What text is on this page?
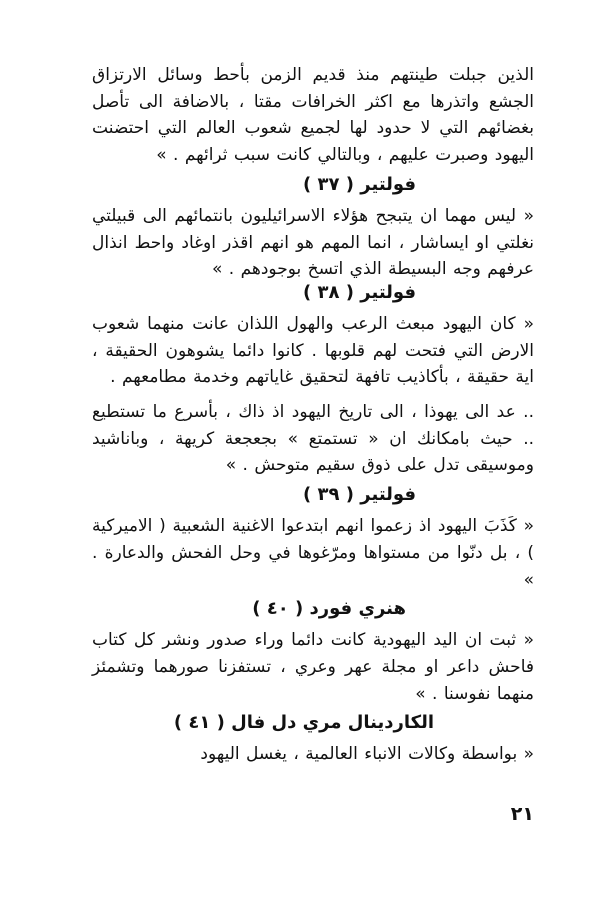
الذين جبلت طينتهم منذ قديم الزمن بأحط وسائل الارتزاق الجشع واتذرها مع اكثر الخرافات مقتا ، بالاضافة الى تأصل بغضائهم التي لا حدود لها لجميع شعوب العالم التي احتضنت اليهود وصبرت عليهم ، وبالتالي كانت سبب ثرائهم . »

فولتير ( ٣٧ )

« ليس مهما ان يتبجح هؤلاء الاسرائيليون بانتمائهم الى قبيلتي نغلتي او ايساشار ، انما المهم هو انهم اقذر اوغاد واحط انذال عرفهم وجه البسيطة الذي اتسخ بوجودهم . »

فولتير ( ٣٨ )

« كان اليهود مبعث الرعب والهول اللذان عانت منهما شعوب الارض التي فتحت لهم قلوبها . كانوا دائما يشوهون الحقيقة ، اية حقيقة ، بأكاذيب تافهة لتحقيق غاياتهم وخدمة مطامعهم .

.. عد الى يهوذا ، الى تاريخ اليهود اذ ذاك ، بأسرع ما تستطيع .. حيث بامكانك ان « تستمتع » بجعجعة كريهة ، وباناشيد وموسيقى تدل على ذوق سقيم متوحش . »

فولتير ( ٣٩ )

« كَذَبَ اليهود اذ زعموا انهم ابتدعوا الاغنية الشعبية ( الاميركية ) ، بل دنّوا من مستواها ومرّغوها في وحل الفحش والدعارة . »

هنري فورد ( ٤٠ )

« ثبت ان اليد اليهودية كانت دائما وراء صدور ونشر كل كتاب فاحش داعر او مجلة عهر وعري ، تستفزنا صورهما وتشمئز منهما نفوسنا . »

الكاردينال مري دل فال ( ٤١ )

« بواسطة وكالات الانباء العالمية ، يغسل اليهود

٢١
